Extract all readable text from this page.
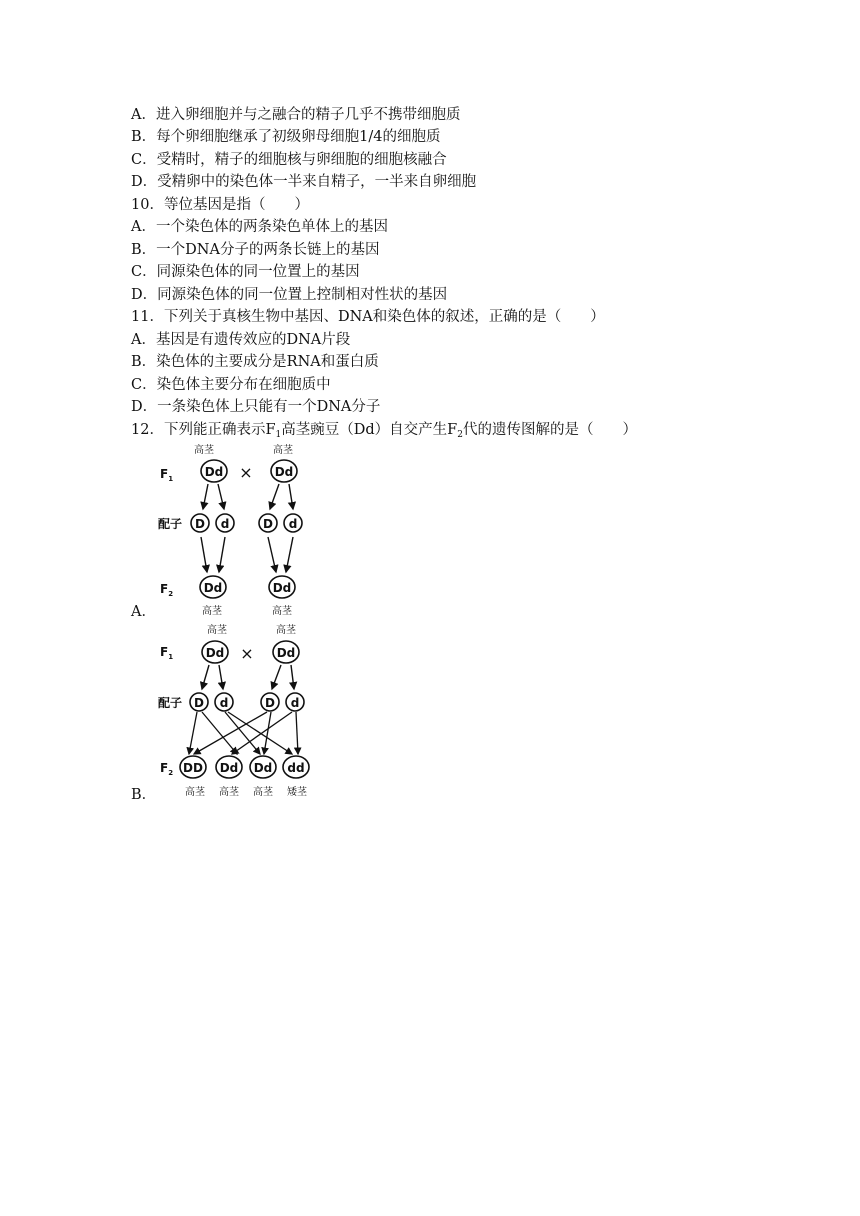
A．进入卵细胞并与之融合的精子几乎不携带细胞质
B．每个卵细胞继承了初级卵母细胞1/4的细胞质
C．受精时，精子的细胞核与卵细胞的细胞核融合
D．受精卵中的染色体一半来自精子，一半来自卵细胞
10．等位基因是指（　　）
A．一个染色体的两条染色单体上的基因
B．一个DNA分子的两条长链上的基因
C．同源染色体的同一位置上的基因
D．同源染色体的同一位置上控制相对性状的基因
11．下列关于真核生物中基因、DNA和染色体的叙述，正确的是（　　）
A．基因是有遗传效应的DNA片段
B．染色体的主要成分是RNA和蛋白质
C．染色体主要分布在细胞质中
D．一条染色体上只能有一个DNA分子
12．下列能正确表示$F_1$高茎豌豆（Dd）自交产生$F_2$代的遗传图解的是（　　）
高茎	高茎
$F_1$	Dd × Dd
配子 D d	D d
$F_2$	Dd	Dd
高茎	高茎
A．
高茎	高茎
$F_1$	Dd × Dd
配子 D d	D d
$F_2$ DD Dd Dd dd
高茎 高茎 高茎 矮茎
B．
